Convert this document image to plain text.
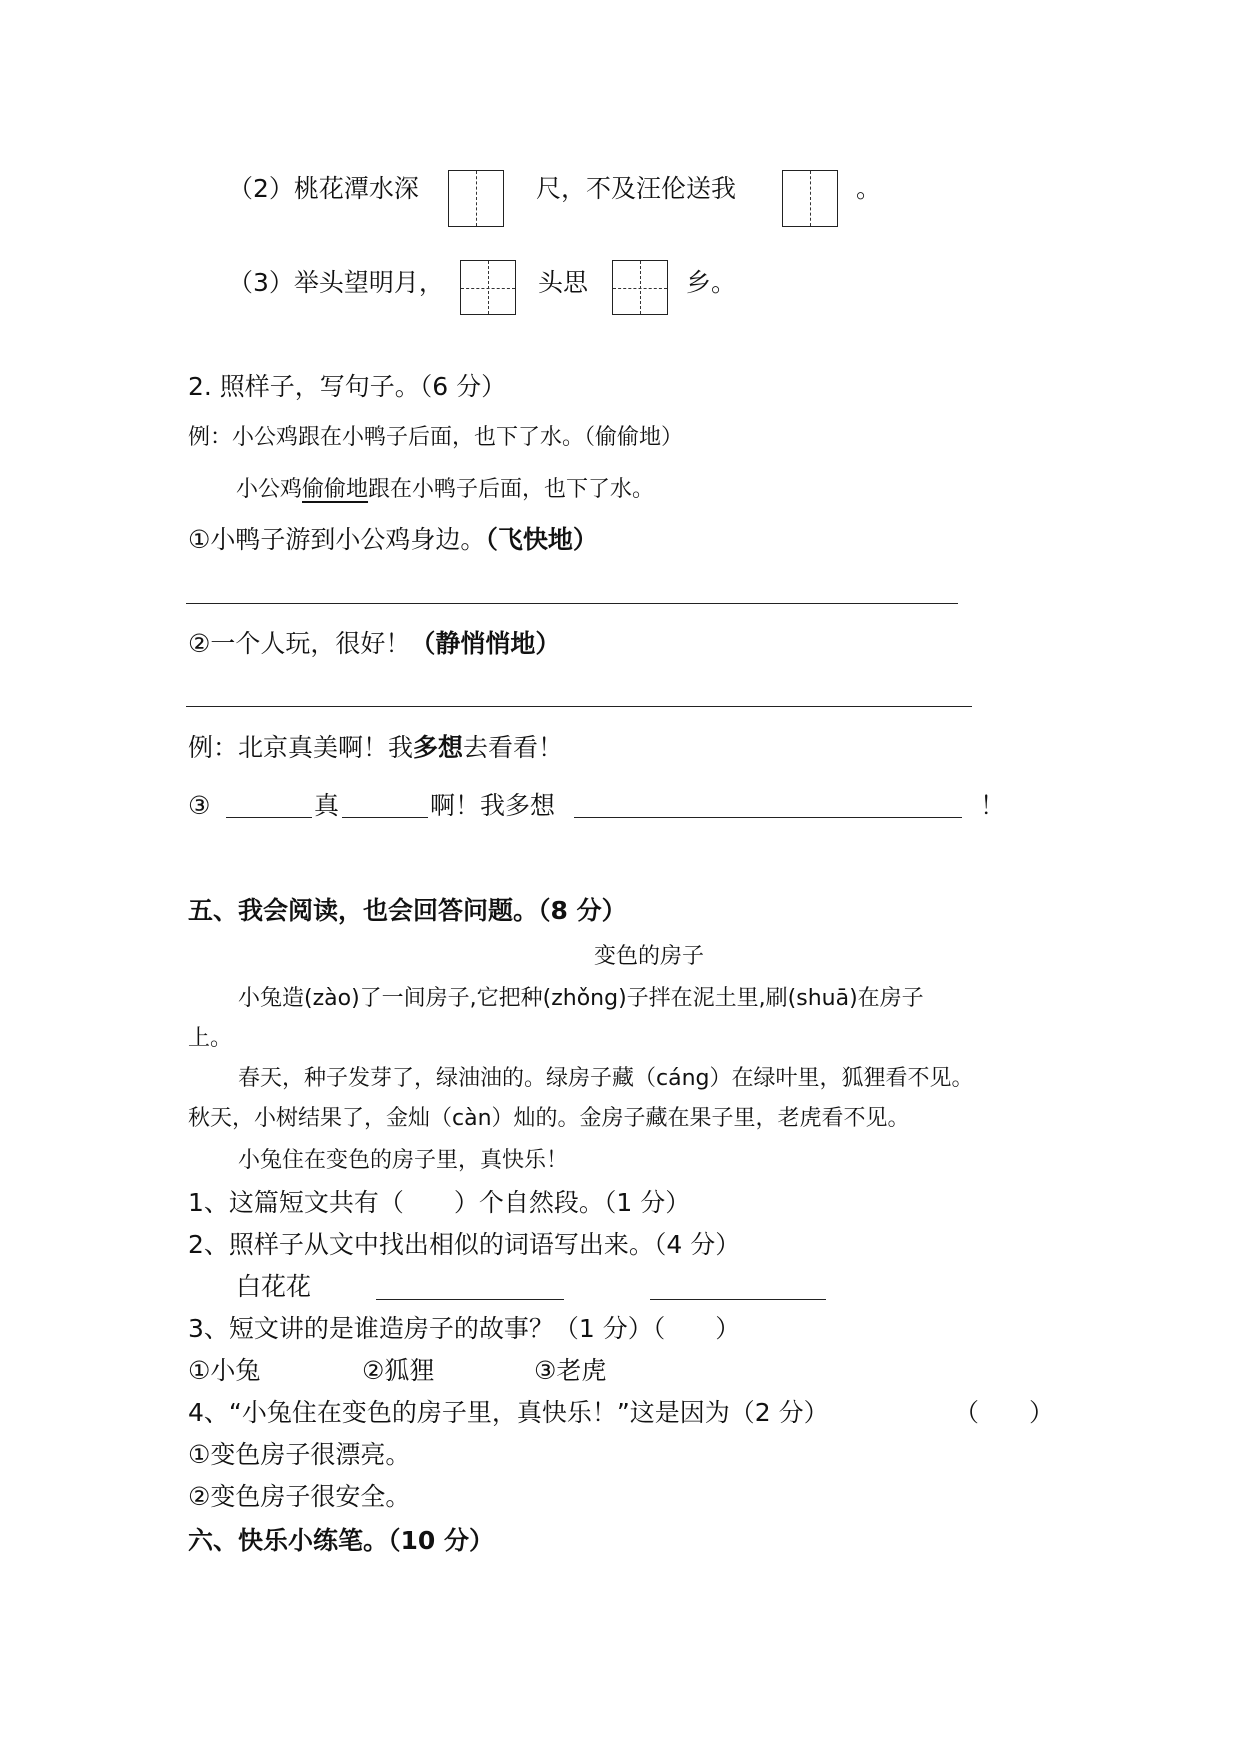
（2）桃花潭水深	尺，不及汪伦送我	。
（3）举头望明月，	头思	乡。
2. 照样子，写句子。（6 分）
例：小公鸡跟在小鸭子后面，也下了水。（偷偷地）
小公鸡偷偷地跟在小鸭子后面，也下了水。
①小鸭子游到小公鸡身边。（飞快地）
②一个人玩，很好！（静悄悄地）
例：北京真美啊！我多想去看看！
③	真	啊！我多想	！
五、我会阅读，也会回答问题。（8 分）
变色的房子
小兔造(zào)了一间房子,它把种(zhǒng)子拌在泥土里,刷(shuā)在房子
上。
春天，种子发芽了，绿油油的。绿房子藏（cáng）在绿叶里，狐狸看不见。
秋天，小树结果了，金灿（càn）灿的。金房子藏在果子里，老虎看不见。
小兔住在变色的房子里，真快乐！
1、这篇短文共有（　　）个自然段。（1 分）
2、照样子从文中找出相似的词语写出来。（4 分）
白花花
3、短文讲的是谁造房子的故事？（1 分）（　　）
①小兔	②狐狸	③老虎
4、“小兔住在变色的房子里，真快乐！”这是因为（2 分）	（　　）
①变色房子很漂亮。
②变色房子很安全。
六、快乐小练笔。（10 分）
